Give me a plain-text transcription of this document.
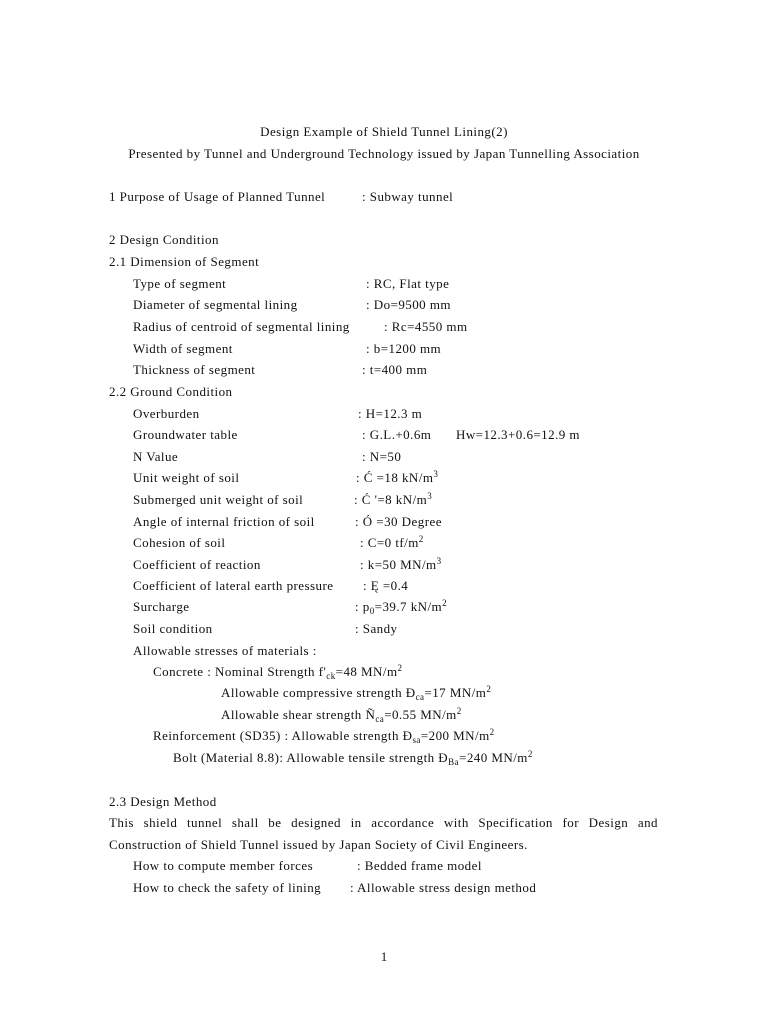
Design Example of Shield Tunnel Lining(2)
Presented by Tunnel and Underground Technology issued by Japan Tunnelling Association
1 Purpose of Usage of Planned Tunnel	: Subway tunnel
2 Design Condition
2.1 Dimension of Segment
Type of segment	: RC, Flat type
Diameter of segmental lining	: Do=9500 mm
Radius of centroid of segmental lining	: Rc=4550 mm
Width of segment	: b=1200 mm
Thickness of segment	: t=400 mm
2.2 Ground Condition
Overburden	: H=12.3 m
Groundwater table	: G.L.+0.6m Hw=12.3+0.6=12.9 m
N Value	: N=50
Unit weight of soil	: Ć =18 $kN/m^3$
Submerged unit weight of soil	: Ć '=8 $kN/m^3$
Angle of internal friction of soil	: Ó =30 Degree
Cohesion of soil	: C=0 $tf/m^2$
Coefficient of reaction	: k=50 $MN/m^3$
Coefficient of lateral earth pressure : Ę =0.4
Surcharge	: $p_0=39.7$ $kN/m^2$
Soil condition	: Sandy
Allowable stresses of materials :
Concrete : Nominal Strength $f'_{ck}=48$ $MN/m^2$
Allowable compressive strength $Đ_{ca}=17$ $MN/m^2$
Allowable shear strength $Ñ_{ca}=0.55$ $MN/m^2$
Reinforcement (SD35) : Allowable strength $Đ_{sa}=200$ $MN/m^2$
Bolt (Material 8.8): Allowable tensile strength $Đ_{Ba}=240$ $MN/m^2$
2.3 Design Method
This shield tunnel shall be designed in accordance with Specification for Design and
Construction of Shield Tunnel issued by Japan Society of Civil Engineers.
How to compute member forces	: Bedded frame model
How to check the safety of lining : Allowable stress design method
1
